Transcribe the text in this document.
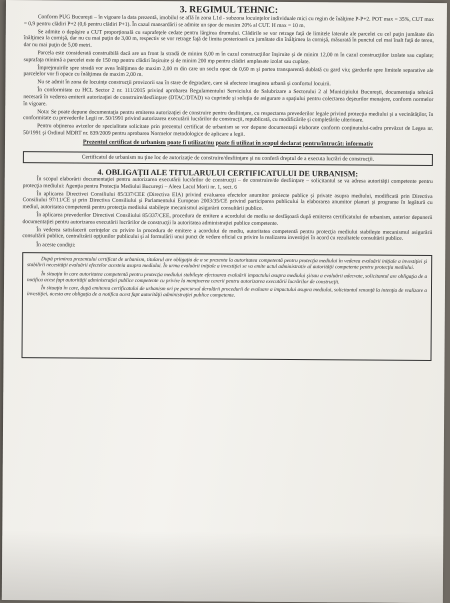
3. REGIMUL TEHNIC:

Conform PUG Bucureşti – în vigoare la data prezentă, imobilul se află în zona L1d - subzona locuinţelor individuale mici cu regim de înălţime P-P+2. POT max = 35%, CUT max = 0,9 pentru clădiri P+2 (0,6 pentru clădiri P+1). În cazul mansardării se admite un spor de maxim 20% al CUT. H max = 10 m.

Se admite o depăşire a CUT proporţională cu suprafeţele cedate pentru lărgirea drumului. Clădirile se vor retrage faţă de limitele laterale ale parcelei cu cel puţin jumătate din înălţimea la cornişă, dar nu cu mai puţin de 3,00 m, respectiv se vor retrage faţă de limita posterioară cu jumătate din înălţimea la cornişă, măsurată în punctul cel mai înalt faţă de teren, dar nu mai puţin de 5,00 metri.

Parcela este considerată construibilă dacă are un front la stradă de minim 8,00 m în cazul construcţiilor înşiruite şi de minim 12,00 m în cazul construcţiilor izolate sau cuplate; suprafaţa minimă a parcelei este de 150 mp pentru clădiri înşiruite şi de minim 200 mp pentru clădiri amplasate izolat sau cuplate.

Împrejmuirile spre stradă vor avea înălţimea de maxim 2,00 m din care un soclu opac de 0,60 m şi partea transparentă dublată cu gard viu; gardurile spre limitele separative ale parcelelor vor fi opace cu înălţimea de maxim 2,00 m.

Nu se admit în zona de locuinţe construcţii provizorii sau în stare de degradare, care să afecteze imaginea urbană şi confortul locuirii.

În conformitate cu HCL Sector 2 nr. 111/2015 privind aprobarea Regulamentului Serviciului de Salubrizare a Sectorului 2 al Municipiului Bucureşti, documentaţia tehnică necesară în vederea emiterii autorizaţiei de construire/desfiinţare (DTAC/DTAD) va cuprinde şi soluţia de asigurare a spaţiului pentru colectarea deşeurilor menajere, conform normelor în vigoare.

Nota: Se poate depune documentaţia pentru emiterea autorizaţiei de construire pentru desfiinţare, cu respectarea prevederilor legale privind protecţia mediului şi a vecinătăţilor, în conformitate cu prevederile Legii nr. 50/1991 privind autorizarea executării lucrărilor de construcţii, republicată, cu modificările şi completările ulterioare.

Pentru obţinerea avizelor de specialitate solicitate prin prezentul certificat de urbanism se vor depune documentaţii elaborate conform conţinutului-cadru prevăzut de Legea nr. 50/1991 şi Ordinul MDRT nr. 839/2009 pentru aprobarea Normelor metodologice de aplicare a legii.

Prezentul certificat de urbanism poate fi utilizat/nu poate fi utilizat în scopul declarat pentru/întrucât: informativ
Certificatul de urbanism nu ţine loc de autorizaţie de construire/desfiinţare şi nu conferă dreptul de a executa lucrări de construcţii.
4. OBLIGAŢII ALE TITULARULUI CERTIFICATULUI DE URBANISM:

În scopul elaborării documentaţiei pentru autorizarea executării lucrărilor de construcţii – de construire/de desfiinţare – solicitantul se va adresa autorităţii competente pentru protecţia mediului: Agenţia pentru Protecţia Mediului Bucureşti – Aleea Lacul Morii nr. 1, sect. 6

În aplicarea Directivei Consiliului 85/337/CEE (Directiva EIA) privind evaluarea efectelor anumitor proiecte publice şi private asupra mediului, modificată prin Directiva Consiliului 97/11/CE şi prin Directiva Consiliului şi Parlamentului European 2003/35/CE privind participarea publicului la elaborarea anumitor planuri şi programe în legătură cu mediul, autoritatea competentă pentru protecţia mediului stabileşte mecanismul asigurării consultării publice.

În aplicarea prevederilor Directivei Consiliului 85/337/CEE, procedura de emitere a acordului de mediu se desfăşoară după emiterea certificatului de urbanism, anterior depunerii documentaţiei pentru autorizarea executării lucrărilor de construcţii la autoritatea administraţiei publice competente.

În vederea satisfacerii cerinţelor cu privire la procedura de emitere a acordului de mediu, autoritatea competentă pentru protecţia mediului stabileşte mecanismul asigurării consultării publice, centralizării opţiunilor publicului şi al formulării unui punct de vedere oficial cu privire la realizarea investiţiei în acord cu rezultatele consultării publice.

În aceste condiţii:

După primirea prezentului certificat de urbanism, titularul are obligaţia de a se prezenta la autoritatea competentă pentru protecţia mediului în vederea evaluării iniţiale a investiţiei şi stabilirii necesităţii evaluării efectelor acesteia asupra mediului. În urma evaluării iniţiale a investiţiei se va emite actul administrativ al autorităţii competente pentru protecţia mediului.

În situaţia în care autoritatea competentă pentru protecţia mediului stabileşte efectuarea evaluării impactului asupra mediului şi/sau a evaluării adecvate, solicitantul are obligaţia de a notifica acest fapt autorităţii administraţiei publice competente cu privire la menţinerea cererii pentru autorizarea executării lucrărilor de construcţii.

În situaţia în care, după emiterea certificatului de urbanism ori pe parcursul derulării procedurii de evaluare a impactului asupra mediului, solicitantul renunţă la intenţia de realizare a investiţiei, acesta are obligaţia de a notifica acest fapt autorităţii administraţiei publice competente.
